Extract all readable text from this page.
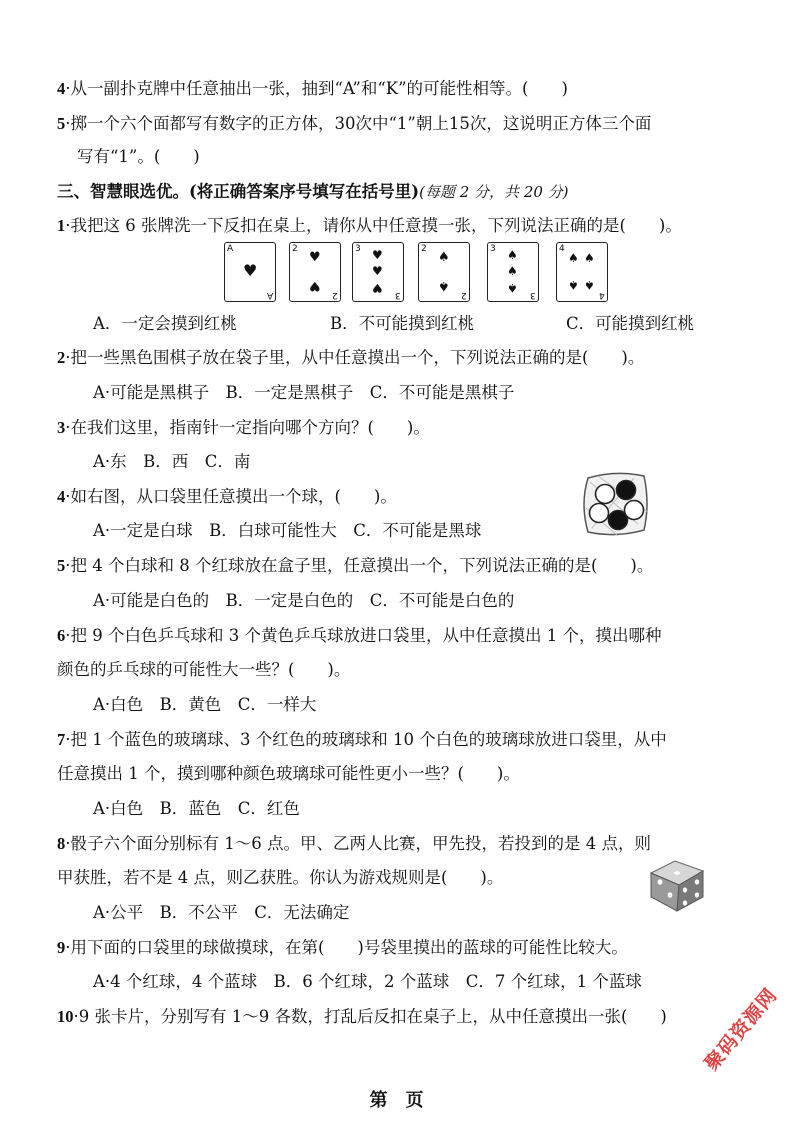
4·从一副扑克牌中任意抽出一张，抽到“A”和“K”的可能性相等。(　　)
5·掷一个六个面都写有数字的正方体，30次中“1”朝上15次，这说明正方体三个面
写有“1”。(　　)
三、智慧眼选优。(将正确答案序号填写在括号里)(每题 2 分，共 20 分)
1·我把这 6 张牌洗一下反扣在桌上，请你从中任意摸一张，下列说法正确的是(　　)。
A
A
♥
2
2
♥
♥
3
3
♥
♥
♥
2
2
♠
♠
3
3
♠
♠
♠
4
4
♠ ♠
♠ ♠
A．一定会摸到红桃	B．不可能摸到红桃	C．可能摸到红桃
2·把一些黑色围棋子放在袋子里，从中任意摸出一个，下列说法正确的是(　　)。
A·可能是黑棋子　B．一定是黑棋子　C．不可能是黑棋子
3·在我们这里，指南针一定指向哪个方向？(　　)。
A·东　B．西　C．南
4·如右图，从口袋里任意摸出一个球，(　　)。
A·一定是白球　B．白球可能性大　C．不可能是黑球
5·把 4 个白球和 8 个红球放在盒子里，任意摸出一个，下列说法正确的是(　　)。
A·可能是白色的　B．一定是白色的　C．不可能是白色的
6·把 9 个白色乒乓球和 3 个黄色乒乓球放进口袋里，从中任意摸出 1 个，摸出哪种
颜色的乒乓球的可能性大一些？(　　)。
A·白色　B．黄色　C．一样大
7·把 1 个蓝色的玻璃球、3 个红色的玻璃球和 10 个白色的玻璃球放进口袋里，从中
任意摸出 1 个，摸到哪种颜色玻璃球可能性更小一些？(　　)。
A·白色　B．蓝色　C．红色
8·骰子六个面分别标有 1～6 点。甲、乙两人比赛，甲先投，若投到的是 4 点，则
甲获胜，若不是 4 点，则乙获胜。你认为游戏规则是(　　)。
A·公平　B．不公平　C．无法确定
9·用下面的口袋里的球做摸球，在第(　　)号袋里摸出的蓝球的可能性比较大。
A·4 个红球，4 个蓝球　B．6 个红球，2 个蓝球　C．7 个红球，1 个蓝球
10·9 张卡片，分别写有 1～9 各数，打乱后反扣在桌子上，从中任意摸出一张(　　) 聚码资源网
第　页
